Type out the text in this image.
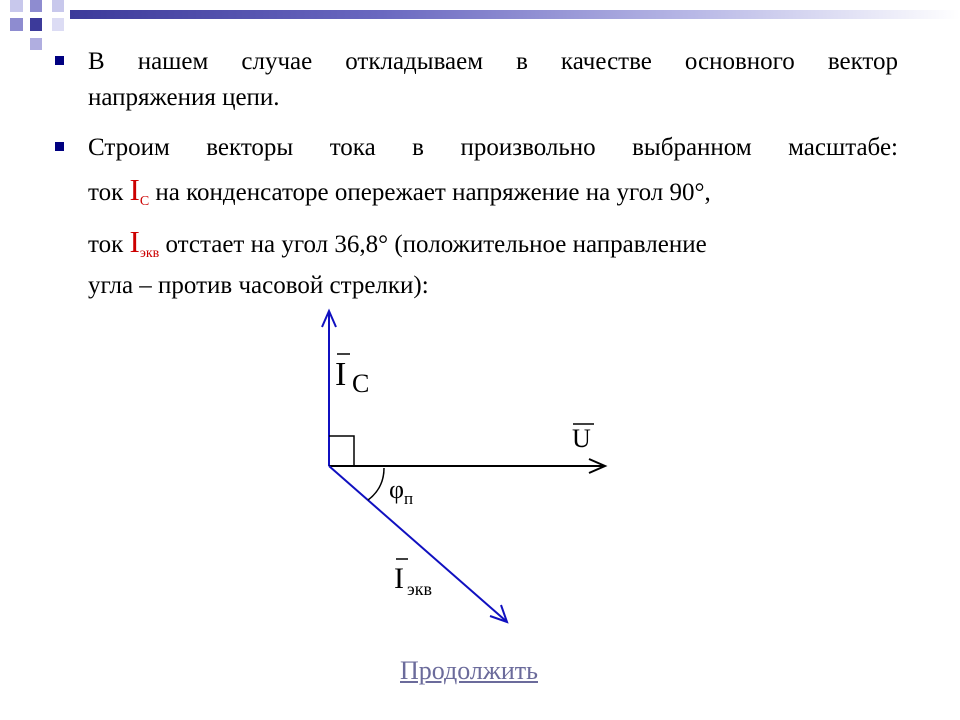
В нашем случае откладываем в качестве основного вектор
напряжения цепи.
Строим векторы тока в произвольно выбранном масштабе:
ток $I_C$ на конденсаторе опережает напряжение на угол 90°,
ток $I_{экв}$ отстает на угол 36,8° (положительное направление
угла – против часовой стрелки):
I C
U
φ п
I экв
Продолжить
